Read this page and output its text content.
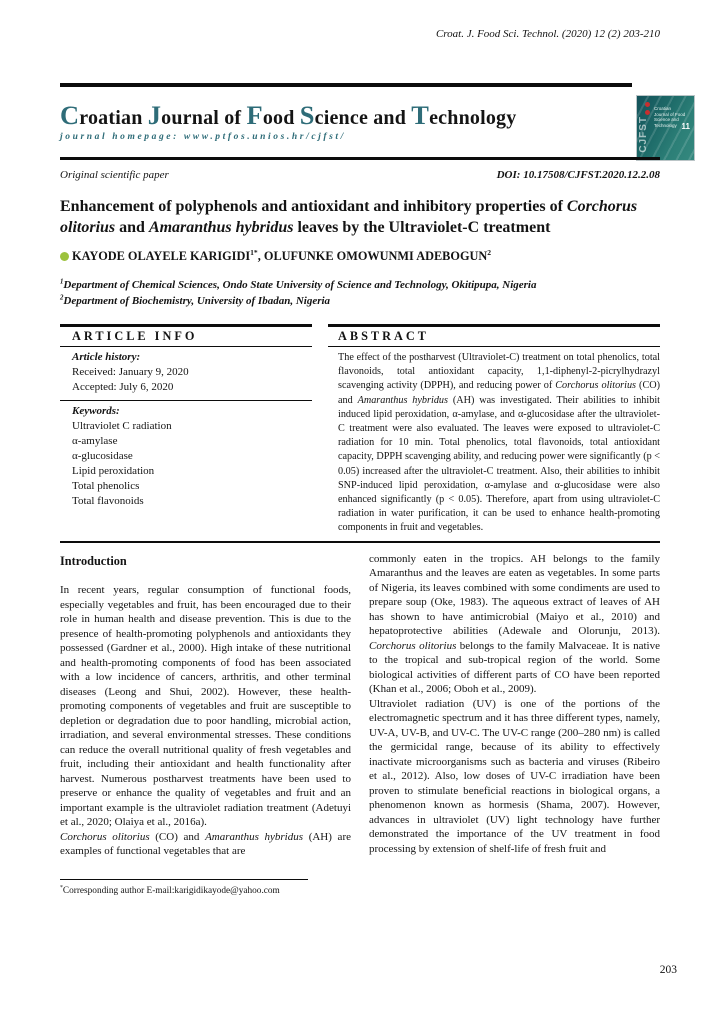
CJFST
Croatian Journal of Food Science and Technology 11
Croat. J. Food Sci. Technol. (2020) 12 (2) 203-210
Croatian Journal of Food Science and Technology
journal homepage: www.ptfos.unios.hr/cjfst/
Original scientific paper	DOI: 10.17508/CJFST.2020.12.2.08
Enhancement of polyphenols and antioxidant and inhibitory properties of Corchorus olitorius and Amaranthus hybridus leaves by the Ultraviolet-C treatment
KAYODE OLAYELE $KARIGIDI^{1*}$, OLUFUNKE OMOWUNMI ADEBOGUN$^2$

$^1$Department of Chemical Sciences, Ondo State University of Science and Technology, Okitipupa, Nigeria

$^2$Department of Biochemistry, University of Ibadan, Nigeria

ARTICLE INFO

Article history:

Received: January 9, 2020
Accepted: July 6, 2020

Keywords:

Ultraviolet C radiation
α-amylase
α-glucosidase
Lipid peroxidation
Total phenolics
Total flavonoids
ABSTRACT

The effect of the postharvest (Ultraviolet-C) treatment on total phenolics, total flavonoids, total antioxidant capacity, 1,1-diphenyl-2-picrylhydrazyl scavenging activity (DPPH), and reducing power of Corchorus olitorius (CO) and Amaranthus hybridus (AH) was investigated. Their abilities to inhibit induced lipid peroxidation, α-amylase, and α-glucosidase after the ultraviolet-C treatment were also evaluated. The leaves were exposed to ultraviolet-C radiation for 10 min. Total phenolics, total flavonoids, total antioxidant capacity, DPPH scavenging ability, and reducing power were significantly (p < 0.05) increased after the ultraviolet-C treatment. Also, their abilities to inhibit SNP-induced lipid peroxidation, α-amylase and α-glucosidase were also enhanced significantly (p < 0.05). Therefore, apart from using ultraviolet-C radiation in water purification, it can be used to enhance health-promoting components in fruit and vegetables.

Introduction

In recent years, regular consumption of functional foods, especially vegetables and fruit, has been encouraged due to their role in human health and disease prevention. This is due to the presence of health-promoting polyphenols and antioxidants they possessed (Gardner et al., 2000). High intake of these nutritional and health-promoting components of food has been associated with a low incidence of cancers, arthritis, and other terminal diseases (Leong and Shui, 2002). However, these health-promoting components of vegetables and fruit are susceptible to depletion or degradation due to poor handling, microbial action, irradiation, and several environmental stresses. These conditions can reduce the overall nutritional quality of fresh vegetables and fruit, including their antioxidant and health functionality after harvest. Numerous postharvest treatments have been used to preserve or enhance the quality of vegetables and fruit and an important example is the ultraviolet radiation treatment (Adetuyi et al., 2020; Olaiya et al., 2016a).

Corchorus olitorius (CO) and Amaranthus hybridus (AH) are examples of functional vegetables that are

*Corresponding author E-mail:karigidikayode@yahoo.com

commonly eaten in the tropics. AH belongs to the family Amaranthus and the leaves are eaten as vegetables. In some parts of Nigeria, its leaves combined with some condiments are used to prepare soup (Oke, 1983). The aqueous extract of leaves of AH has shown to have antimicrobial (Maiyo et al., 2010) and hepatoprotective abilities (Adewale and Olorunju, 2013). Corchorus olitorius belongs to the family Malvaceae. It is native to the tropical and sub-tropical region of the world. Some biological activities of different parts of CO have been reported (Khan et al., 2006; Oboh et al., 2009).

Ultraviolet radiation (UV) is one of the portions of the electromagnetic spectrum and it has three different types, namely, UV-A, UV-B, and UV-C. The UV-C range (200–280 nm) is called the germicidal range, because of its ability to effectively inactivate microorganisms such as bacteria and viruses (Ribeiro et al., 2012). Also, low doses of UV-C irradiation have been proven to stimulate beneficial reactions in biological organs, a phenomenon known as hormesis (Shama, 2007). However, advances in ultraviolet (UV) light technology have further demonstrated the importance of the UV treatment in food processing by extension of shelf-life of fresh fruit and

203
